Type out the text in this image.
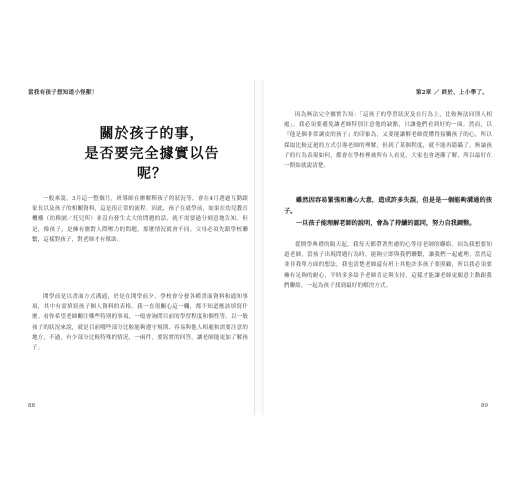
當我有孩子想知道小怪獸！
關於孩子的事，
是否要完全據實以告呢？
一般來說，3月這一整個月，班導師在辦解釋孩子的狀況等，會在4月透過互動跟家長以及孩子的相關資料，這是很正常的流程。因此，孩子在就學前，如果在幼兒教育機構（幼稚園／托兒所）並沒有發生太大的問題的話，就不需要過分刻意地告知。但是，像孩子，是擁有應對人際壓力的問題，那麼情況就會不同。父母必須先跟學校聯繫，這樣對孩子，對老師才有幫助。
開學前是以書面方式溝通，於是在開學前夕，學校會分發各種書面資料和通知事項，其中有需填寫孩子個人資料的表格。我一直很關心這一欄，都不知道應該填寫什麼。看你希望老師關注哪些特別的事項，一般會詢問目前的學習程度和個性等，以一般孩子的狀況來說，就是目前哪些部分比較能夠遵守規則、容易與他人相處和需要注意的地方，不過，有少部分比較特殊的情況，一兩件，要寫實的回答，讓老師能更加了解孩子。
88
第2章 ／ 終於，上小學了。
因為無法完全據實告知：「這孩子的學習狀況及在行為上，比較無法同別人相處」，我必須要避免讓老師特別注意他的缺點，只讓他們看到好的一面。然而，以『他是個非常調皮的孩子』的印象為，又要能讓解老師從懂得接觸孩子的心，所以採取比較迂迴的方式引導老師的理解，但到了某個程度，就不能再隱瞞了。無論孩子的行為表現如何，都會在學校裡被所有人看見，大家也會逐漸了解，所以最好在一開始就說清楚。

雖然因容易緊張和擔心大意，造成許多失誤，但是是一個能夠溝通的孩子。

一旦孩子能理解老師的說明，會為了持續的認同，努力自我調整。

從開學典禮的隔天起，我每天都帶著焦慮的心等待老師的聯絡。因為我想要知道老師，當孩子出現問題行為時，能夠立即與我們聯繫，讓我們一起處理。當然這並非我單方面的想法，我也清楚老師還有班上其他許多孩子要照顧，所以我必須要擁有足夠的耐心，平時多多給予老師肯定與支持，這樣才能讓老師更願意主動跟我們聯絡，一起為孩子找到最好的解決方式。
89
